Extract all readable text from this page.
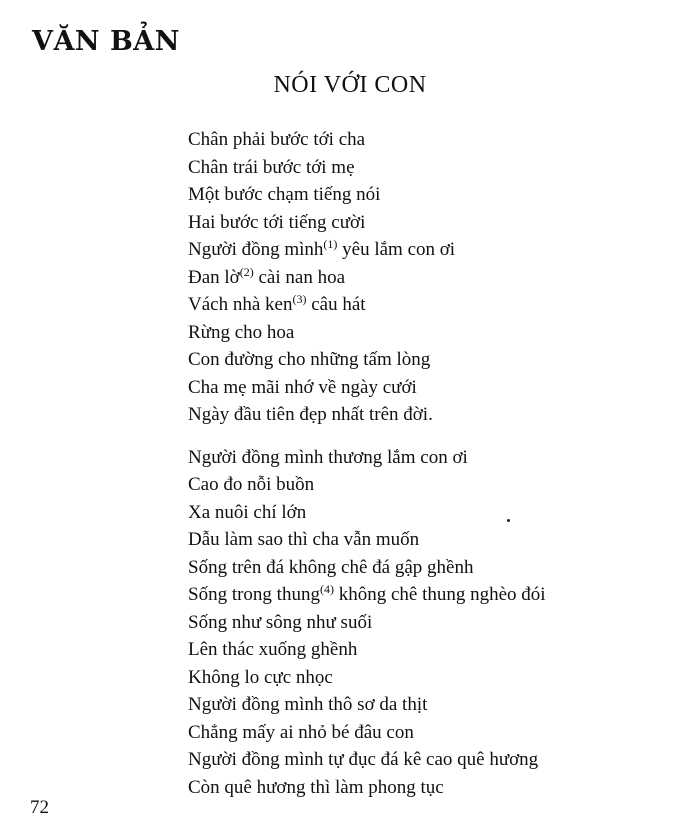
VĂN BẢN
NÓI VỚI CON
Chân phải bước tới cha
Chân trái bước tới mẹ
Một bước chạm tiếng nói
Hai bước tới tiếng cười
Người đồng mình$^{(1)}$ yêu lắm con ơi
Đan lờ$^{(2)}$ cài nan hoa
Vách nhà ken$^{(3)}$ câu hát
Rừng cho hoa
Con đường cho những tấm lòng
Cha mẹ mãi nhớ về ngày cưới
Ngày đầu tiên đẹp nhất trên đời.
Người đồng mình thương lắm con ơi
Cao đo nỗi buồn
Xa nuôi chí lớn
Dẫu làm sao thì cha vẫn muốn
Sống trên đá không chê đá gập ghềnh
Sống trong thung$^{(4)}$ không chê thung nghèo đói
Sống như sông như suối
Lên thác xuống ghềnh
Không lo cực nhọc
Người đồng mình thô sơ da thịt
Chẳng mấy ai nhỏ bé đâu con
Người đồng mình tự đục đá kê cao quê hương
Còn quê hương thì làm phong tục
72
